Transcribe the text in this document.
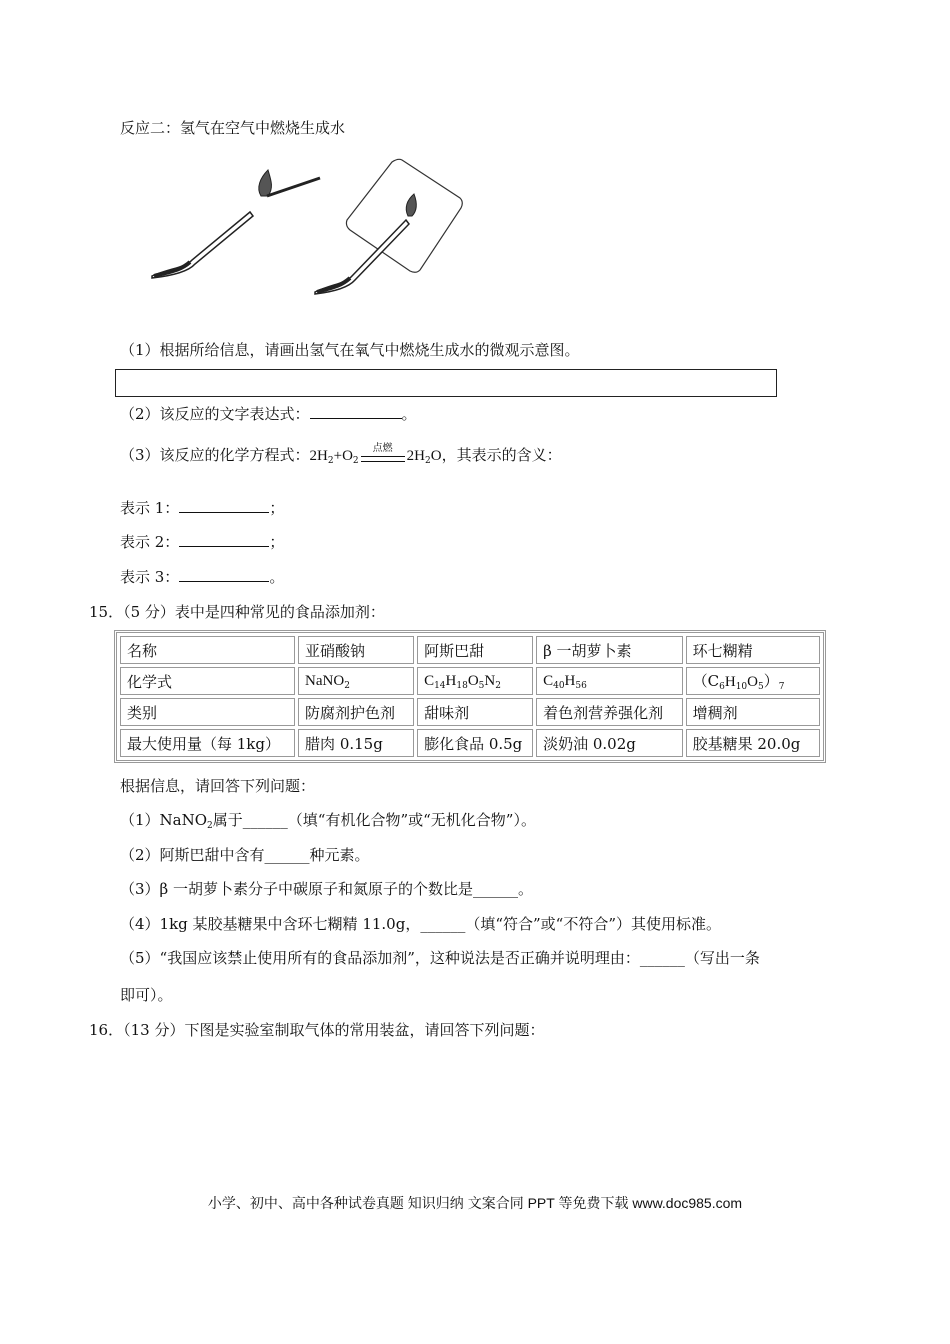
反应二：氢气在空气中燃烧生成水
（1）根据所给信息，请画出氢气在氧气中燃烧生成水的微观示意图。
（2）该反应的文字表达式：	。
（3）该反应的化学方程式：$2H_2+O_2$
点燃 $2H_2O$，其表示的含义：
表示 1：	；
表示 2：	；
表示 3：	。
15．（5 分）表中是四种常见的食品添加剂：
名称	亚硝酸钠	阿斯巴甜	β 一胡萝卜素	环七糊精
化学式	NaNO$_2$	$C_{14}H_{18}O_5N_2$	$C_{40}H_{56}$	$(C_6H_{10}O_5)_7$
类别	防腐剂护色剂	甜味剂	着色剂营养强化剂	增稠剂
最大使用量（每 1kg）	腊肉 0.15g	膨化食品 0.5g	淡奶油 0.02g	胶基糖果 20.0g
根据信息，请回答下列问题：
（1）NaNO$_2$属于______（填“有机化合物”或“无机化合物”）。
（2）阿斯巴甜中含有______种元素。
（3）β 一胡萝卜素分子中碳原子和氮原子的个数比是______。
（4）1kg 某胶基糖果中含环七糊精 11.0g，______（填“符合”或“不符合”）其使用标准。
（5）“我国应该禁止使用所有的食品添加剂”，这种说法是否正确并说明理由：______（写出一条
即可）。
16．（13 分）下图是实验室制取气体的常用装盆，请回答下列问题：
小学、初中、高中各种试卷真题 知识归纳 文案合同 PPT 等免费下载 www.doc985.com
